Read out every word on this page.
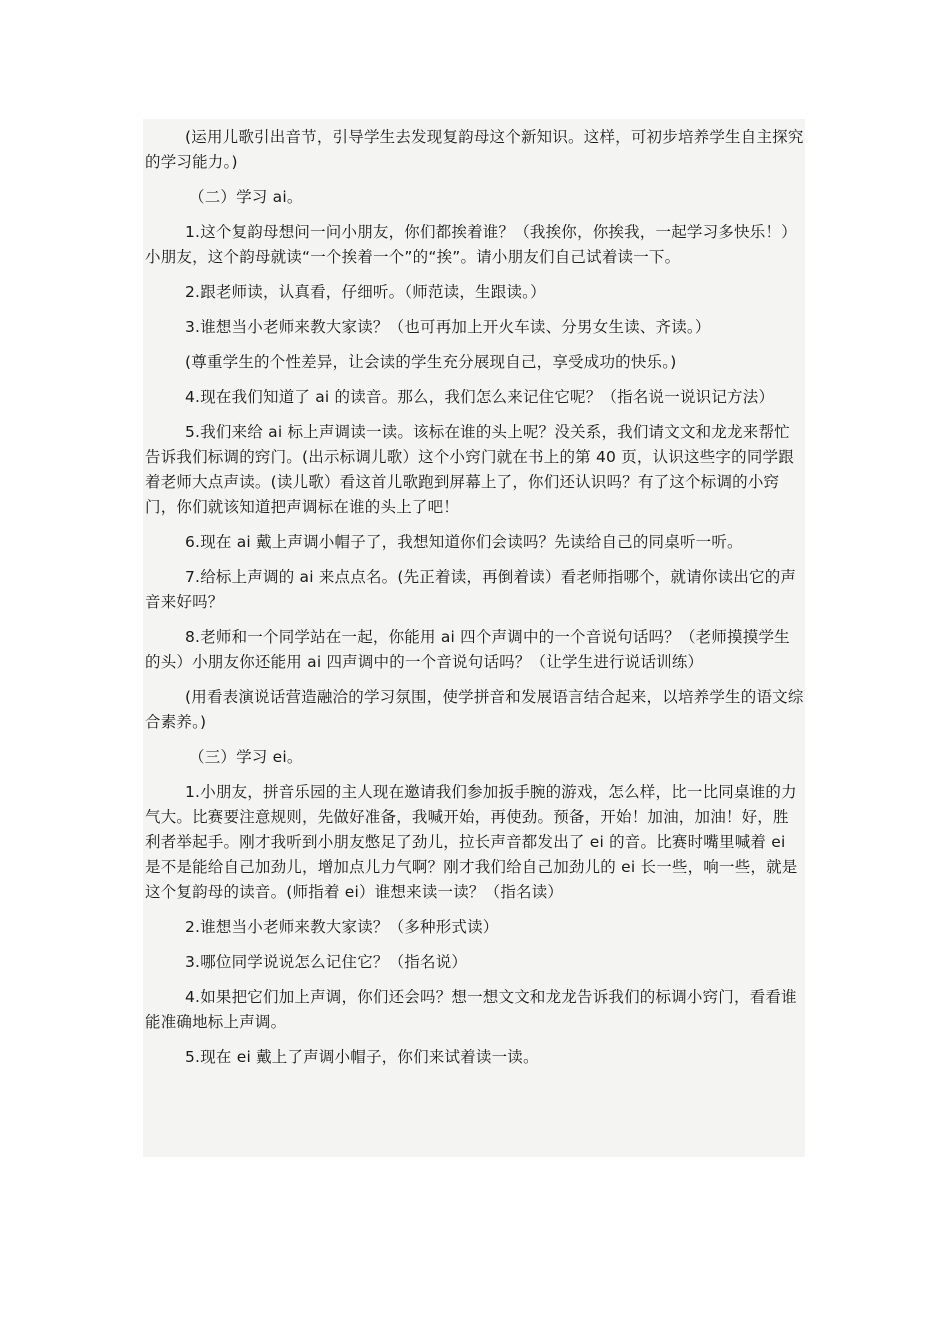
(运用儿歌引出音节，引导学生去发现复韵母这个新知识。这样，可初步培养学生自主探究的学习能力。)

（二）学习 ai。

1.这个复韵母想问一问小朋友，你们都挨着谁？（我挨你，你挨我，一起学习多快乐！）小朋友，这个韵母就读“一个挨着一个”的“挨”。请小朋友们自己试着读一下。

2.跟老师读，认真看，仔细听。（师范读，生跟读。）

3.谁想当小老师来教大家读？（也可再加上开火车读、分男女生读、齐读。）

(尊重学生的个性差异，让会读的学生充分展现自己，享受成功的快乐。)

4.现在我们知道了 ai 的读音。那么，我们怎么来记住它呢？（指名说一说识记方法）

5.我们来给 ai 标上声调读一读。该标在谁的头上呢？没关系，我们请文文和龙龙来帮忙告诉我们标调的窍门。(出示标调儿歌）这个小窍门就在书上的第 40 页，认识这些字的同学跟着老师大点声读。(读儿歌）看这首儿歌跑到屏幕上了，你们还认识吗？有了这个标调的小窍门，你们就该知道把声调标在谁的头上了吧！

6.现在 ai 戴上声调小帽子了，我想知道你们会读吗？先读给自己的同桌听一听。

7.给标上声调的 ai 来点点名。(先正着读，再倒着读）看老师指哪个，就请你读出它的声音来好吗？

8.老师和一个同学站在一起，你能用 ai 四个声调中的一个音说句话吗？（老师摸摸学生的头）小朋友你还能用 ai 四声调中的一个音说句话吗？（让学生进行说话训练）

(用看表演说话营造融洽的学习氛围，使学拼音和发展语言结合起来，以培养学生的语文综合素养。)

（三）学习 ei。

1.小朋友，拼音乐园的主人现在邀请我们参加扳手腕的游戏，怎么样，比一比同桌谁的力气大。比赛要注意规则，先做好准备，我喊开始，再使劲。预备，开始！加油，加油！好，胜利者举起手。刚才我听到小朋友憋足了劲儿，拉长声音都发出了 ei 的音。比赛时嘴里喊着 ei 是不是能给自己加劲儿，增加点儿力气啊？刚才我们给自己加劲儿的 ei 长一些，响一些，就是这个复韵母的读音。(师指着 ei）谁想来读一读？（指名读）

2.谁想当小老师来教大家读？（多种形式读）

3.哪位同学说说怎么记住它？（指名说）

4.如果把它们加上声调，你们还会吗？想一想文文和龙龙告诉我们的标调小窍门，看看谁能准确地标上声调。

5.现在 ei 戴上了声调小帽子，你们来试着读一读。
